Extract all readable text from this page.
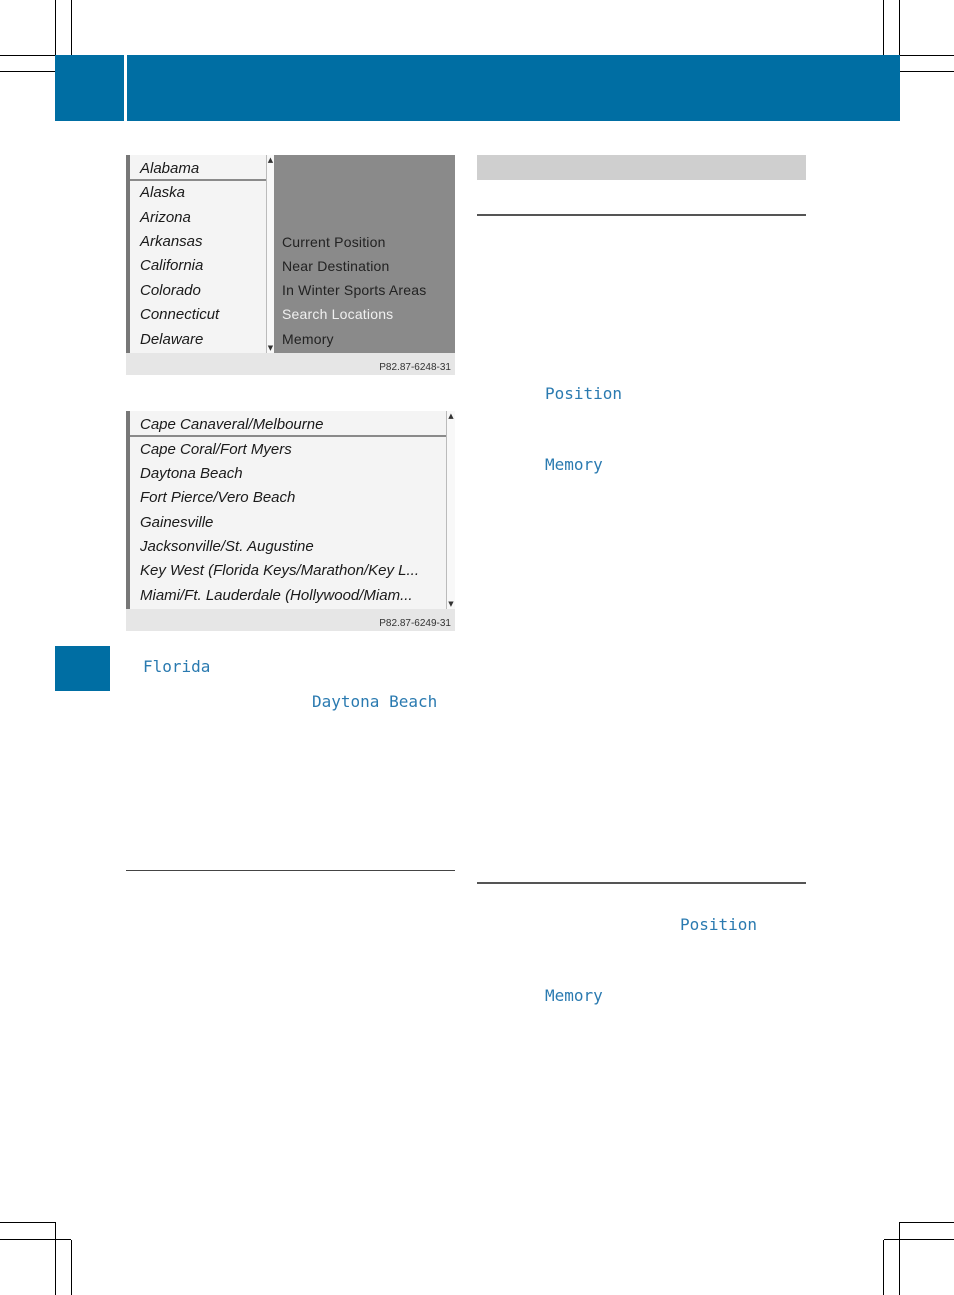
Alabama
Alaska
Arizona
Arkansas
California
Colorado
Connecticut
Delaware
▲
▼
Current Position
Near Destination
In Winter Sports Areas
Search Locations
Memory
P82.87-6248-31
Cape Canaveral/Melbourne
Cape Coral/Fort Myers
Daytona Beach
Fort Pierce/Vero Beach
Gainesville
Jacksonville/St. Augustine
Key West (Florida Keys/Marathon/Key L...
Miami/Ft. Lauderdale (Hollywood/Miam...
▲
▼
P82.87-6249-31
Florida
Daytona Beach
Position
Memory
Position
Memory
